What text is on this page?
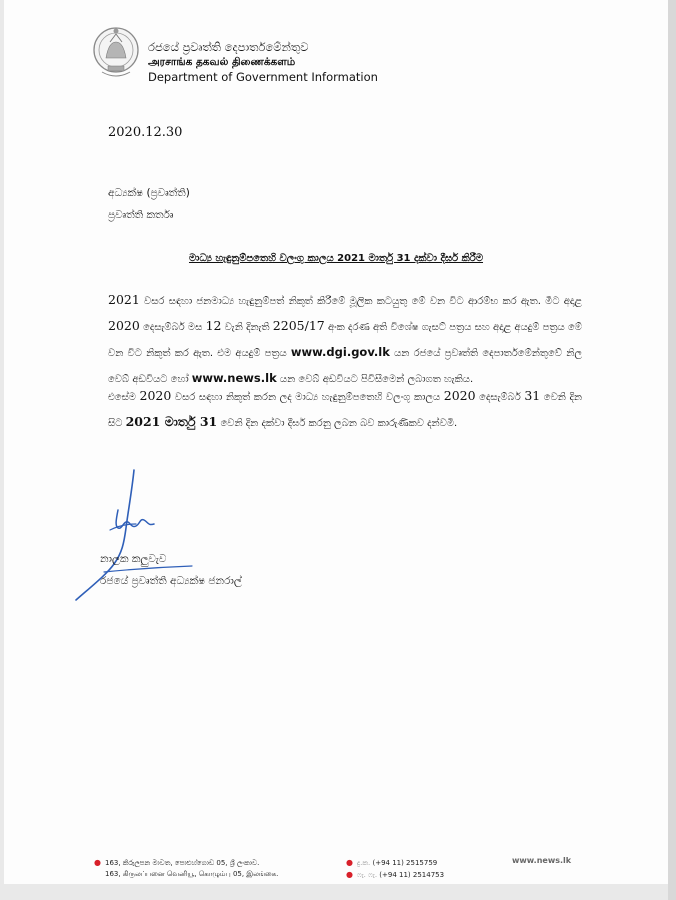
රජයේ ප්‍රවෘත්ති දෙපාර්තමේන්තුව
அரசாங்க தகவல் திணைக்களம்
Department of Government Information
2020.12.30
අධ්‍යක්ෂ (ප්‍රවෘත්ති)
ප්‍රවෘත්ති කර්තෘ
මාධ්‍ය හැඳුනුම්පතෙහි වලංගු කාලය 2021 මාර්තු 31 දක්වා දීර්ඝ කිරීම
2021 වසර සඳහා ජනමාධ්‍ය හැඳුනුම්පත් නිකුත් කිරීමේ මූලික කටයුතු මේ වන විට ආරම්භ කර ඇත. මීට අදාළ 2020 දෙසැම්බර් මස 12 වැනි දිනැති 2205/17 අංක දරණ අති විශේෂ ගැසට් පත්‍රය සහ අදාළ අයදුම් පත්‍රය මේ වන විට නිකුත් කර ඇත. එම අයදුම් පත්‍රය www.dgi.gov.lk යන රජයේ ප්‍රවෘත්ති දෙපාර්තමේන්තුවේ නිල වෙබ් අඩවියට හෝ www.news.lk යන වෙබ් අඩවියට පිවිසීමෙන් ලබාගත හැකිය.
එසේම 2020 වසර සඳහා නිකුත් කරන ලද මාධ්‍ය හැඳුනුම්පතෙහි වලංගු කාලය 2020 දෙසැම්බර් 31 වෙනි දින සිට 2021 මාර්තු 31 වෙනි දින දක්වා දීර්ඝ කරනු ලබන බව කාරුණිකව දන්වමි.
නාලක කලුවැව
රජයේ ප්‍රවෘත්ති අධ්‍යක්ෂ ජනරාල්
● 163, කිරුලපන මාවත, පොළුහ්ගොඩ 05, ශ්‍රී ලංකාව.
163, கிருலப்பனை வெனியூ, கொழும்பு 05, இலங்கை.
● දු.ක. (+94 11) 2515759
● ෆැ. ෆැ. (+94 11) 2514753
www.news.lk
